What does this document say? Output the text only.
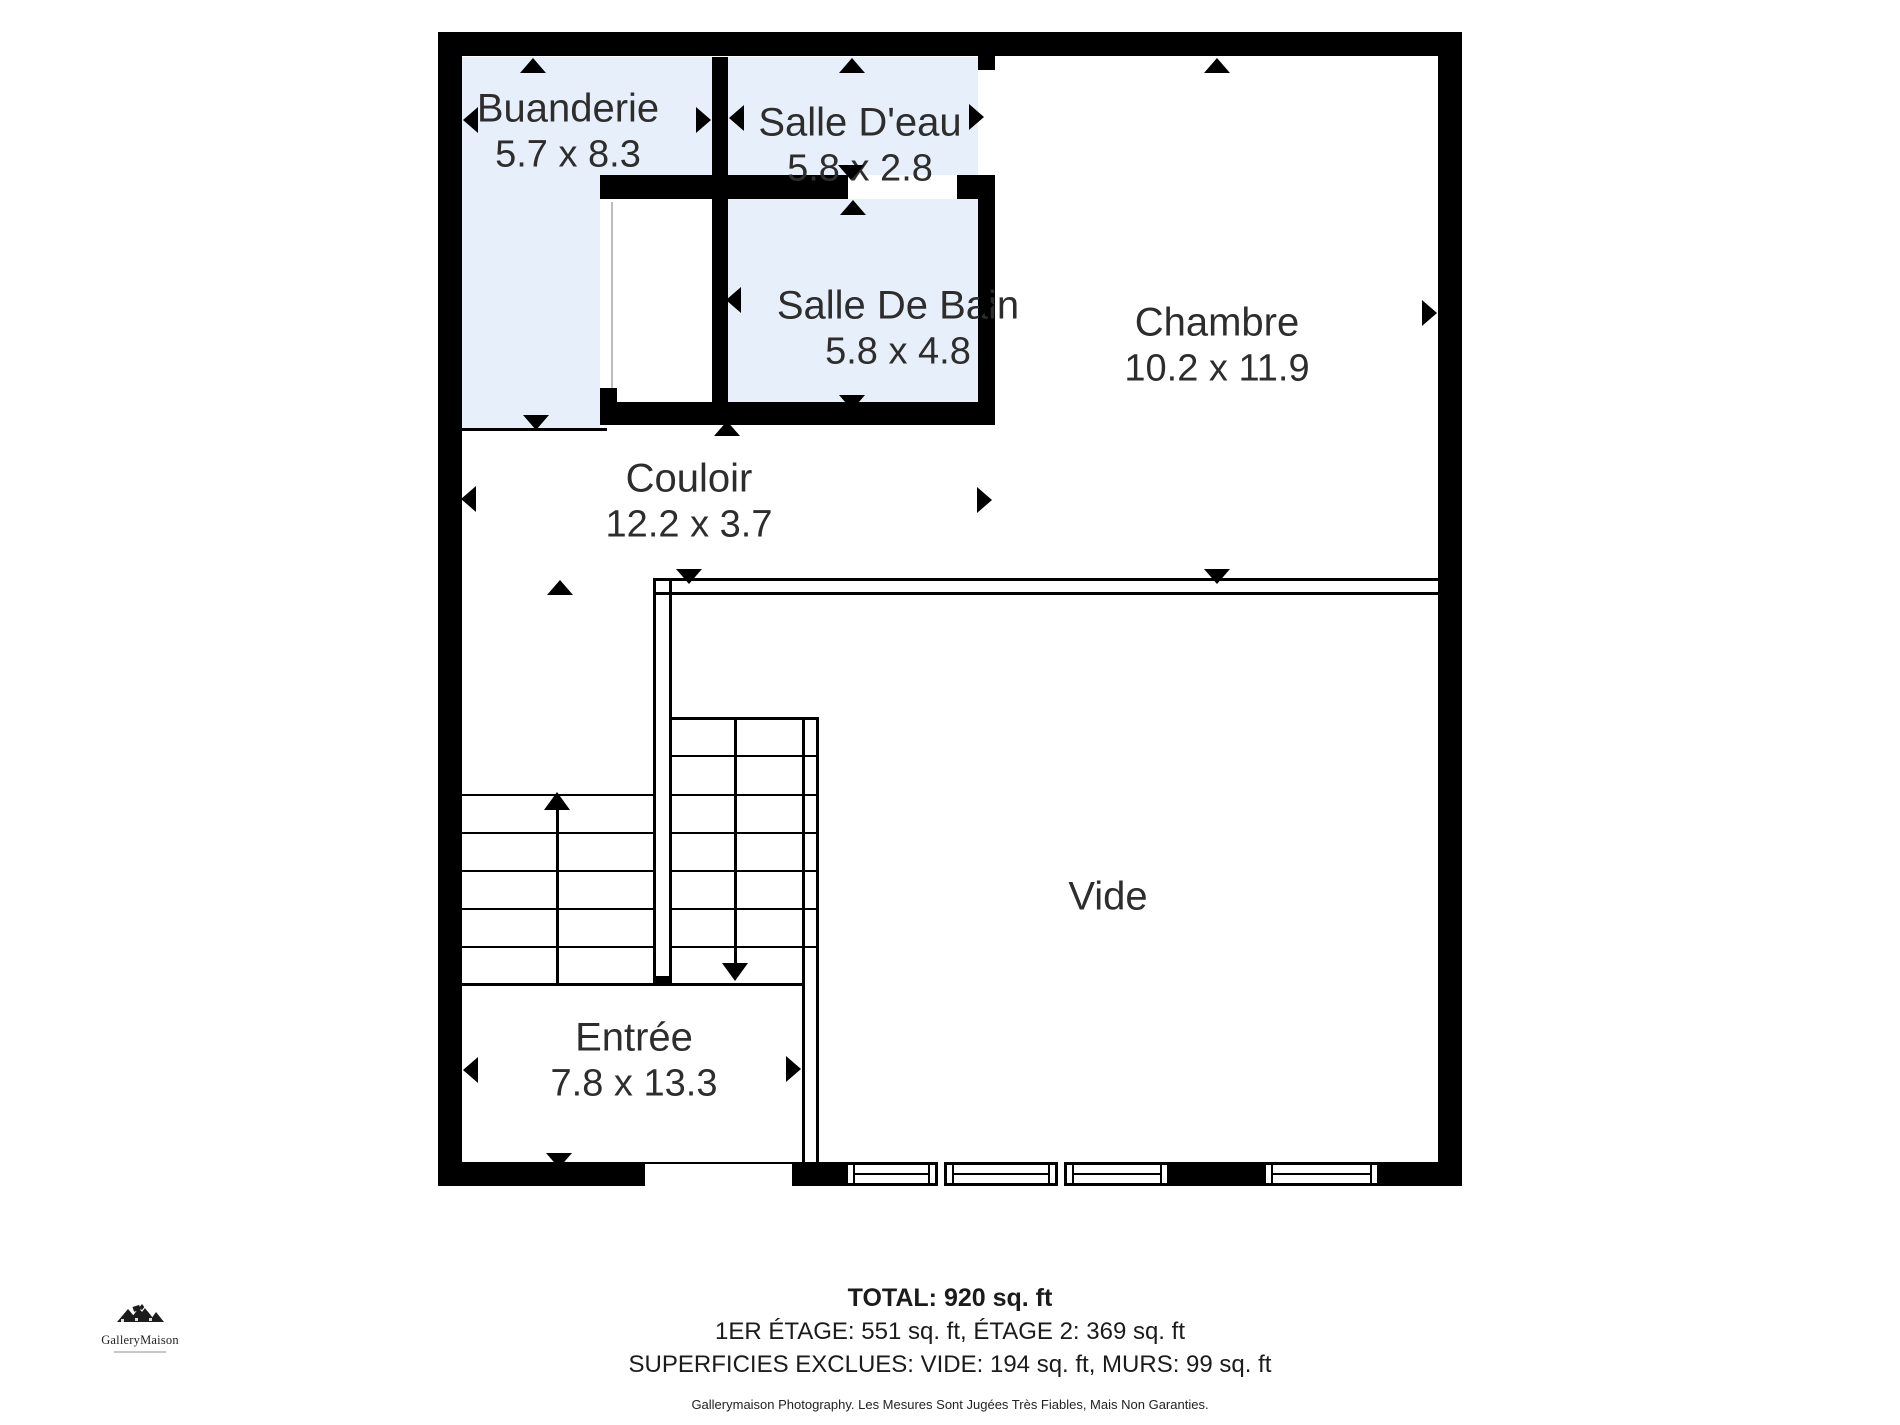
Buanderie
5.7 x 8.3
Salle D'eau
5.8 x 2.8
Salle De Bain
5.8 x 4.8
Chambre
10.2 x 11.9
Couloir
12.2 x 3.7
Vide
Entrée
7.8 x 13.3
TOTAL: 920 sq. ft
1ER ÉTAGE: 551 sq. ft, ÉTAGE 2: 369 sq. ft
SUPERFICIES EXCLUES: VIDE: 194 sq. ft, MURS: 99 sq. ft
Gallerymaison Photography. Les Mesures Sont Jugées Très Fiables, Mais Non Garanties.
GalleryMaison
